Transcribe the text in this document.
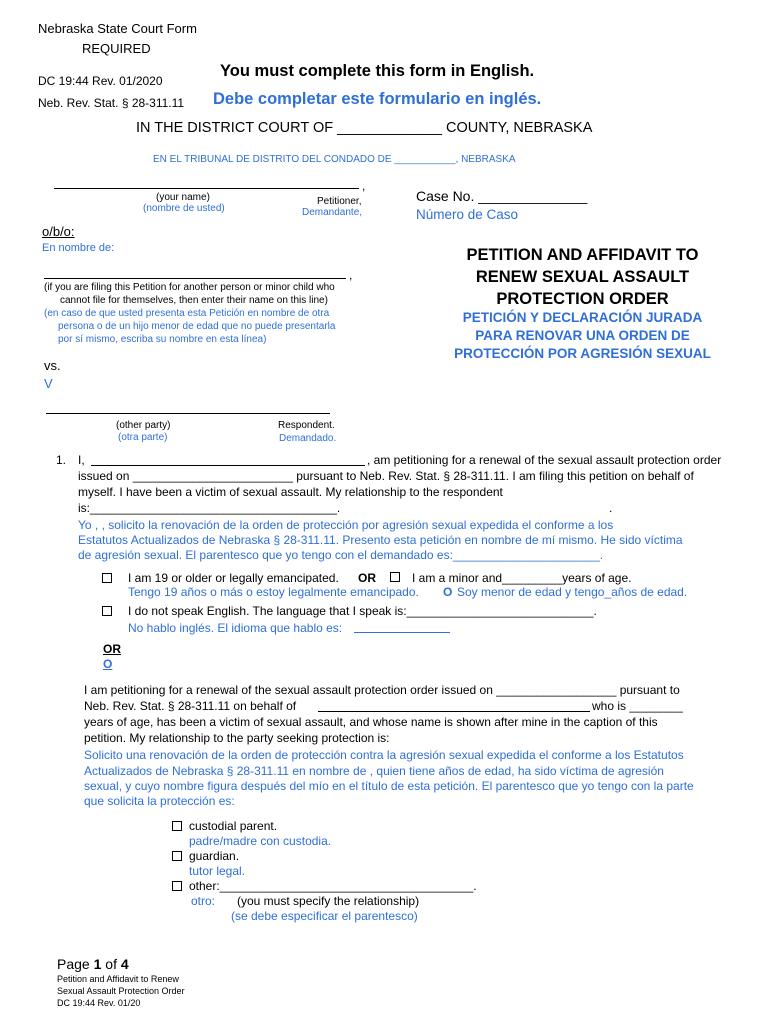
Nebraska State Court Form
REQUIRED
DC 19:44 Rev. 01/2020
Neb. Rev. Stat. § 28-311.11
You must complete this form in English.
Debe completar este formulario en inglés.
IN THE DISTRICT COURT OF _____________ COUNTY, NEBRASKA
EN EL TRIBUNAL DE DISTRITO DEL CONDADO DE ___________, NEBRASKA
,
(your name)
(nombre de usted)
Petitioner,
Demandante,
Case No. ______________
Número de Caso
o/b/o:
En nombre de:
,
(if you are filing this Petition for another person or minor child who
cannot file for themselves, then enter their name on this line)
(en caso de que usted presenta esta Petición en nombre de otra
persona o de un hijo menor de edad que no puede presentarla
por sí mismo, escriba su nombre en esta línea)
vs.
V
(other party)
(otra parte)
Respondent.
Demandado.
PETITION AND AFFIDAVIT TO
RENEW SEXUAL ASSAULT
PROTECTION ORDER
PETICIÓN Y DECLARACIÓN JURADA
PARA RENOVAR UNA ORDEN DE
PROTECCIÓN POR AGRESIÓN SEXUAL
1. I,	, am petitioning for a renewal of the sexual assault protection order
issued on ________________________ pursuant to Neb. Rev. Stat. § 28-311.11. I am filing this petition on behalf of
myself. I have been a victim of sexual assault. My relationship to the respondent
is:_____________________________________.	.
Yo , , solicito la renovación de la orden de protección por agresión sexual expedida el conforme a los
Estatutos Actualizados de Nebraska § 28-311.11. Presento esta petición en nombre de mí mismo. He sido víctima
de agresión sexual. El parentesco que yo tengo con el demandado es:______________________.
I am 19 or older or legally emancipated. OR	I am a minor and_________years of age.
Tengo 19 años o más o estoy legalmente emancipado. O Soy menor de edad y tengo_años de edad.
I do not speak English. The language that I speak is:____________________________.
No hablo inglés. El idioma que hablo es:
OR
O
I am petitioning for a renewal of the sexual assault protection order issued on __________________ pursuant to
Neb. Rev. Stat. § 28-311.11 on behalf of	who is ________
years of age, has been a victim of sexual assault, and whose name is shown after mine in the caption of this
petition. My relationship to the party seeking protection is:
Solicito una renovación de la orden de protección contra la agresión sexual expedida el conforme a los Estatutos
Actualizados de Nebraska § 28-311.11 en nombre de , quien tiene años de edad, ha sido víctima de agresión
sexual, y cuyo nombre figura después del mío en el título de esta petición. El parentesco que yo tengo con la parte
que solicita la protección es:
custodial parent.
padre/madre con custodia.
guardian.
tutor legal.
other:______________________________________.
otro: (you must specify the relationship)
(se debe especificar el parentesco)
Page 1 of 4
Petition and Affidavit to Renew
Sexual Assault Protection Order
DC 19:44 Rev. 01/20
